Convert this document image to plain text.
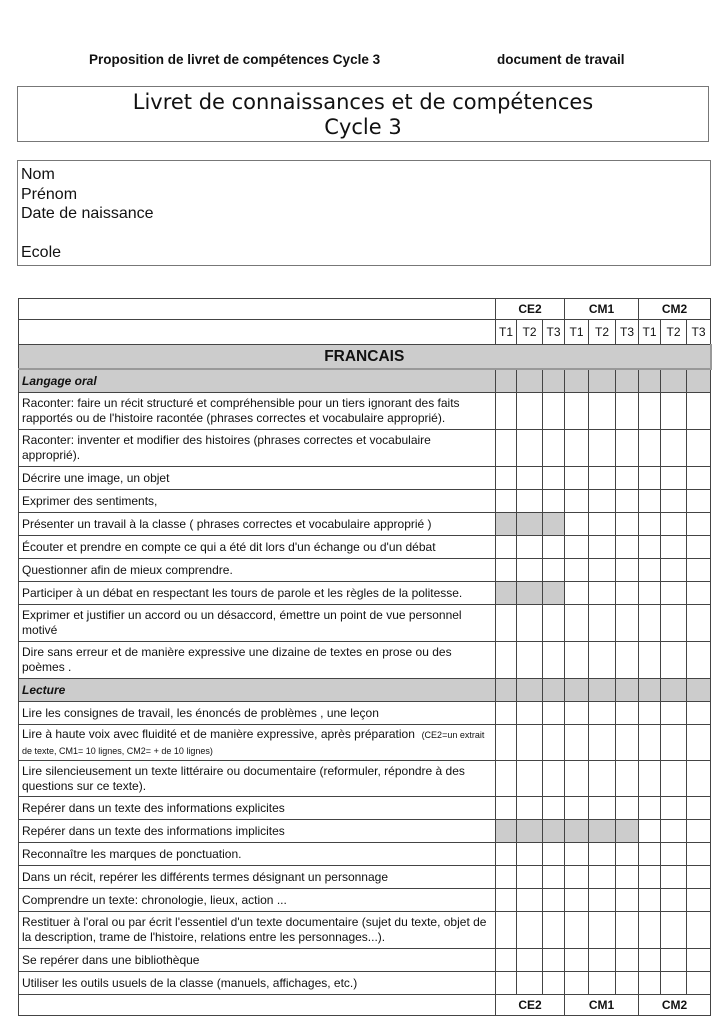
Proposition de livret de compétences Cycle 3	document de travail
Livret de connaissances et de compétences
Cycle 3
Nom
Prénom
Date de naissance
Ecole
	CE2			CM1			CM2		
	T1	T2	T3	T1	T2	T3	T1	T2	T3
FRANCAIS									
Langage oral									
Raconter: faire un récit structuré et compréhensible pour un tiers ignorant des faits rapportés ou de l'histoire racontée (phrases correctes et vocabulaire approprié).									
Raconter: inventer et modifier des histoires (phrases correctes et vocabulaire approprié).									
Décrire une image, un objet									
Exprimer des sentiments,									
Présenter un travail à la classe ( phrases correctes et vocabulaire approprié )									
Écouter et prendre en compte ce qui a été dit lors d'un échange ou d'un débat									
Questionner afin de mieux comprendre.									
Participer à un débat en respectant les tours de parole et les règles de la politesse.									
Exprimer et justifier un accord ou un désaccord, émettre un point de vue personnel motivé									
Dire sans erreur et de manière expressive une dizaine de textes en prose ou des poèmes .									
Lecture									
Lire les consignes de travail, les énoncés de problèmes , une leçon									
Lire à haute voix avec fluidité et de manière expressive, après préparation (CE2=un extrait de texte, CM1= 10 lignes, CM2= + de 10 lignes)									
Lire silencieusement un texte littéraire ou documentaire (reformuler, répondre à des questions sur ce texte).									
Repérer dans un texte des informations explicites									
Repérer dans un texte des informations implicites									
Reconnaître les marques de ponctuation.									
Dans un récit, repérer les différents termes désignant un personnage									
Comprendre un texte: chronologie, lieux, action ...									
Restituer à l'oral ou par écrit l'essentiel d'un texte documentaire (sujet du texte, objet de la description, trame de l'histoire, relations entre les personnages...).									
Se repérer dans une bibliothèque									
Utiliser les outils usuels de la classe (manuels, affichages, etc.)									
	CE2			CM1			CM2		
